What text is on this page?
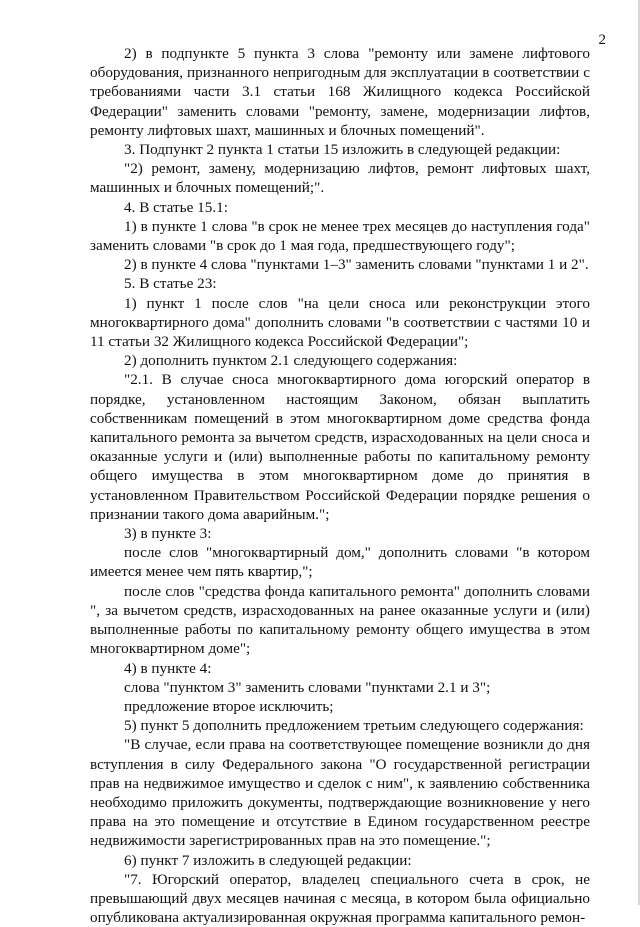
2

2) в подпункте 5 пункта 3 слова "ремонту или замене лифтового оборудования, признанного непригодным для эксплуатации в соответствии с требованиями части 3.1 статьи 168 Жилищного кодекса Российской Федерации" заменить словами "ремонту, замене, модернизации лифтов, ремонту лифтовых шахт, машинных и блочных помещений".

3. Подпункт 2 пункта 1 статьи 15 изложить в следующей редакции:

"2) ремонт, замену, модернизацию лифтов, ремонт лифтовых шахт, машинных и блочных помещений;".

4. В статье 15.1:

1) в пункте 1 слова "в срок не менее трех месяцев до наступления года" заменить словами "в срок до 1 мая года, предшествующего году";

2) в пункте 4 слова "пунктами 1–3" заменить словами "пунктами 1 и 2".

5. В статье 23:

1) пункт 1 после слов "на цели сноса или реконструкции этого многоквартирного дома" дополнить словами "в соответствии с частями 10 и 11 статьи 32 Жилищного кодекса Российской Федерации";

2) дополнить пунктом 2.1 следующего содержания:

"2.1. В случае сноса многоквартирного дома югорский оператор в порядке, установленном настоящим Законом, обязан выплатить собственникам помещений в этом многоквартирном доме средства фонда капитального ремонта за вычетом средств, израсходованных на цели сноса и оказанные услуги и (или) выполненные работы по капитальному ремонту общего имущества в этом многоквартирном доме до принятия в установленном Правительством Российской Федерации порядке решения о признании такого дома аварийным.";

3) в пункте 3:

после слов "многоквартирный дом," дополнить словами "в котором имеется менее чем пять квартир,";

после слов "средства фонда капитального ремонта" дополнить словами ", за вычетом средств, израсходованных на ранее оказанные услуги и (или) выполненные работы по капитальному ремонту общего имущества в этом многоквартирном доме";

4) в пункте 4:

слова "пунктом 3" заменить словами "пунктами 2.1 и 3";

предложение второе исключить;

5) пункт 5 дополнить предложением третьим следующего содержания:

"В случае, если права на соответствующее помещение возникли до дня вступления в силу Федерального закона "О государственной регистрации прав на недвижимое имущество и сделок с ним", к заявлению собственника необходимо приложить документы, подтверждающие возникновение у него права на это помещение и отсутствие в Едином государственном реестре недвижимости зарегистрированных прав на это помещение.";

6) пункт 7 изложить в следующей редакции:

"7. Югорский оператор, владелец специального счета в срок, не превышающий двух месяцев начиная с месяца, в котором была официально опубликована актуализированная окружная программа капитального ремон-
